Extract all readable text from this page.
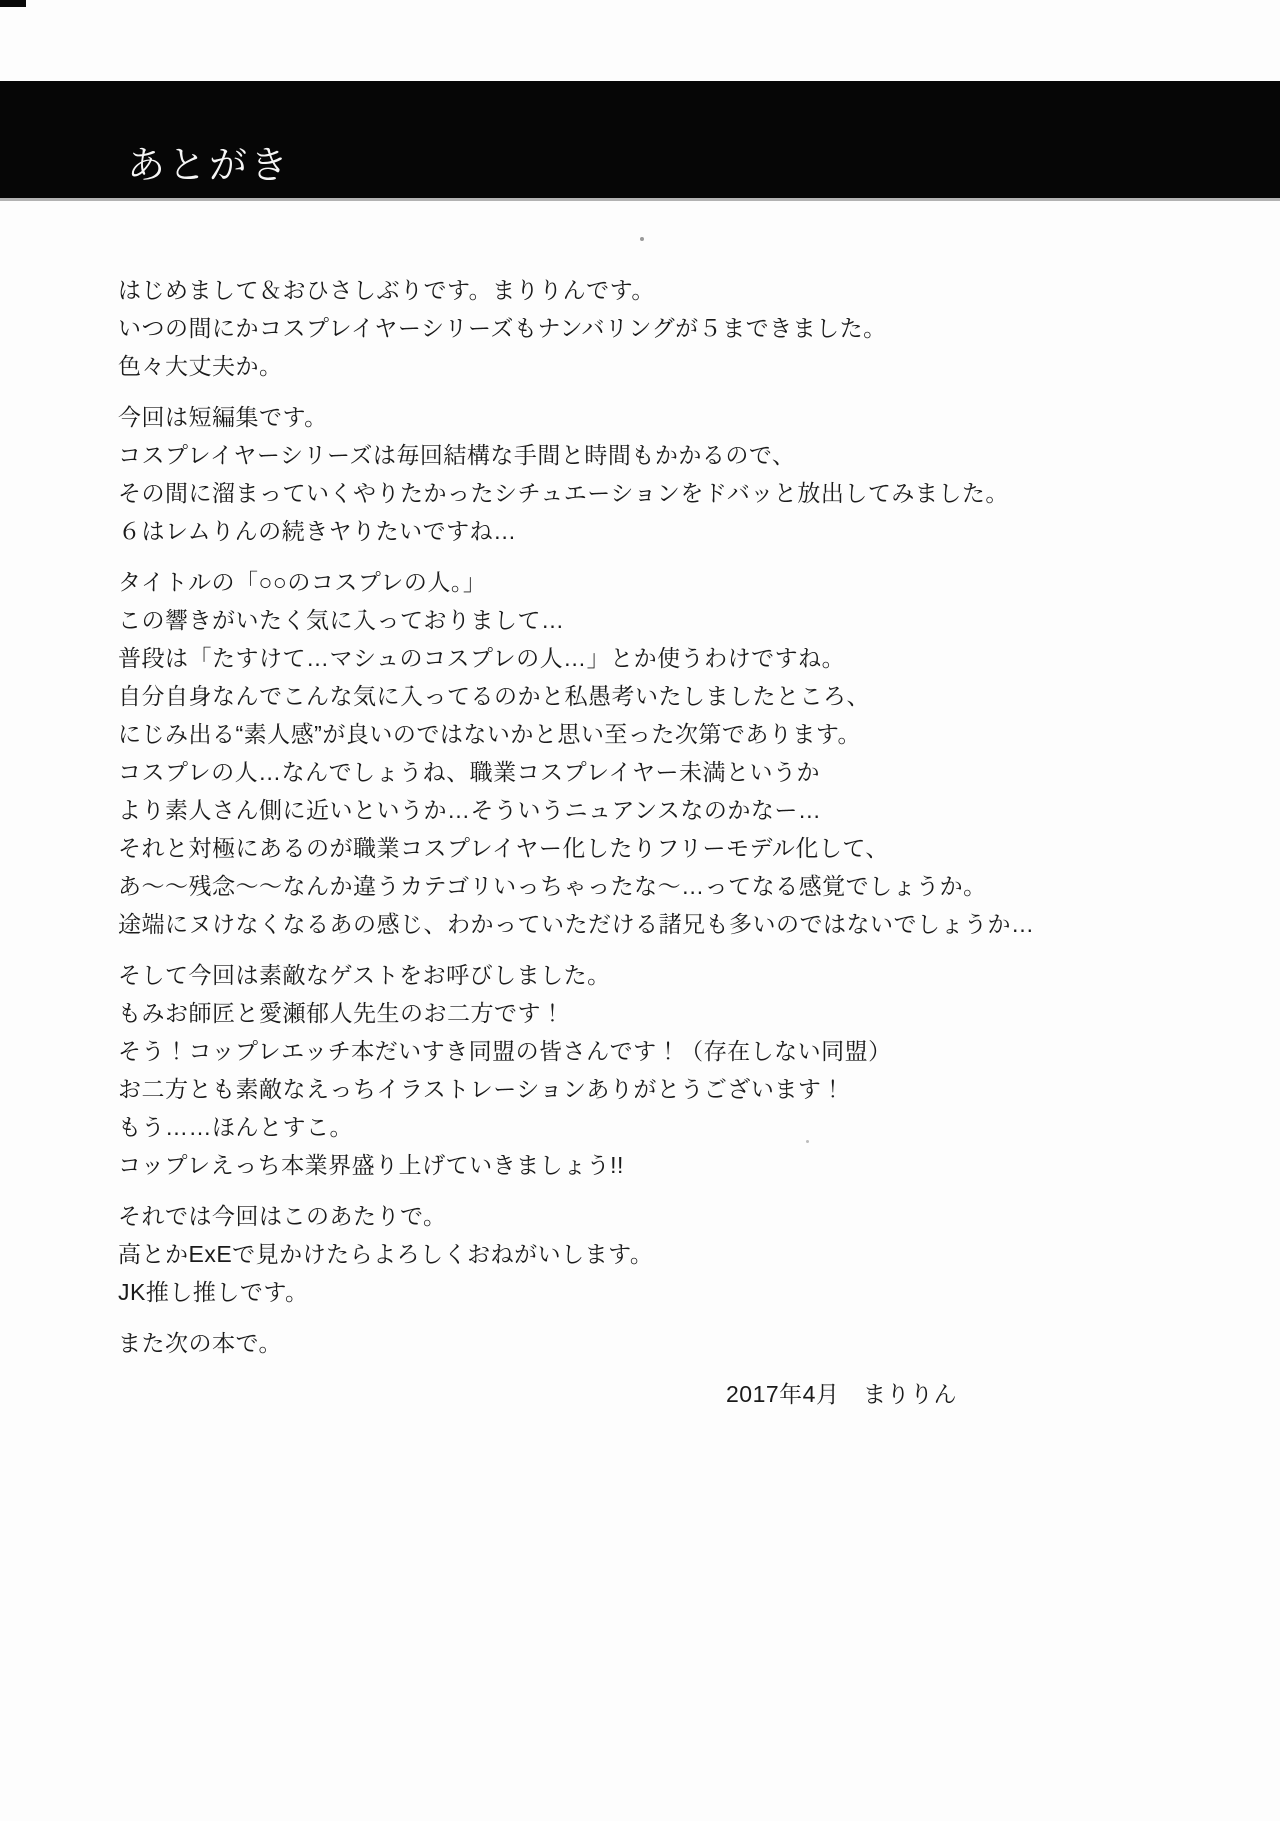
あとがき

はじめまして＆おひさしぶりです。まりりんです。
いつの間にかコスプレイヤーシリーズもナンバリングが５まできました。
色々大丈夫か。

今回は短編集です。
コスプレイヤーシリーズは毎回結構な手間と時間もかかるので、
その間に溜まっていくやりたかったシチュエーションをドバッと放出してみました。
６はレムりんの続きヤりたいですね…

タイトルの「○○のコスプレの人。」
この響きがいたく気に入っておりまして…
普段は「たすけて…マシュのコスプレの人…」とか使うわけですね。
自分自身なんでこんな気に入ってるのかと私愚考いたしましたところ、
にじみ出る“素人感”が良いのではないかと思い至った次第であります。
コスプレの人…なんでしょうね、職業コスプレイヤー未満というか
より素人さん側に近いというか…そういうニュアンスなのかなー…
それと対極にあるのが職業コスプレイヤー化したりフリーモデル化して、
あ～～残念～～なんか違うカテゴリいっちゃったな～…ってなる感覚でしょうか。
途端にヌけなくなるあの感じ、わかっていただける諸兄も多いのではないでしょうか…

そして今回は素敵なゲストをお呼びしました。
もみお師匠と愛瀬郁人先生のお二方です！
そう！コップレエッチ本だいすき同盟の皆さんです！（存在しない同盟）
お二方とも素敵なえっちイラストレーションありがとうございます！
もう……ほんとすこ。
コップレえっち本業界盛り上げていきましょう!!

それでは今回はこのあたりで。
高とかExEで見かけたらよろしくおねがいします。
JK推し推しです。

また次の本で。

2017年4月　まりりん
